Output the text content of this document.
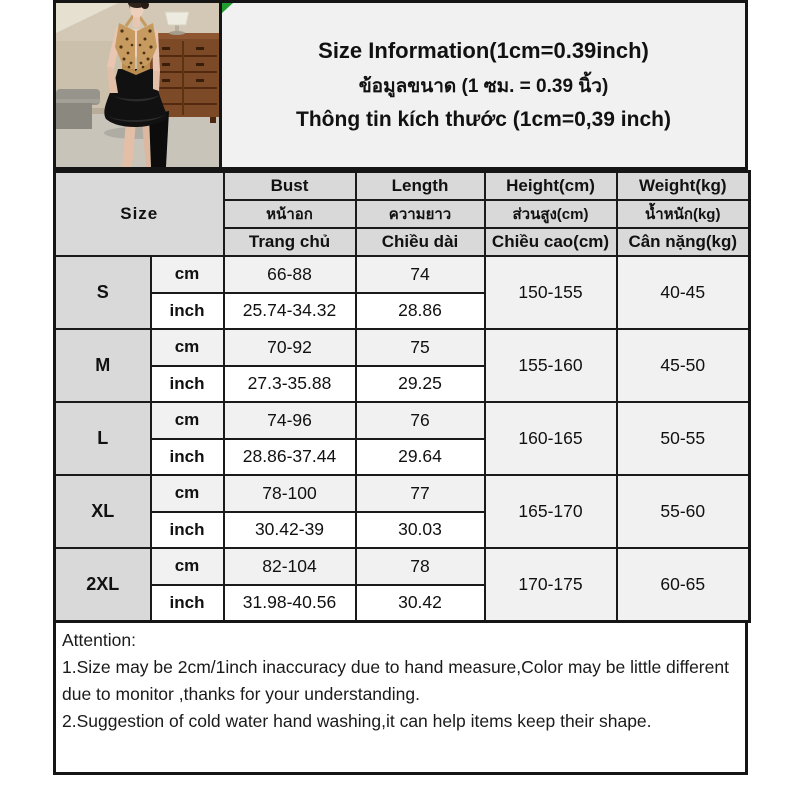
Size Information(1cm=0.39inch)
ข้อมูลขนาด (1 ซม. = 0.39 นิ้ว)
Thông tin kích thước (1cm=0,39 inch)
Size		Bust	Length	Height(cm)	Weight(kg)
		หน้าอก	ความยาว	ส่วนสูง(cm)	น้ำหนัก(kg)
		Trang chủ	Chiều dài	Chiều cao(cm)	Cân nặng(kg)
S	cm	66-88	74	150-155	40-45
	inch	25.74-34.32	28.86		
M	cm	70-92	75	155-160	45-50
	inch	27.3-35.88	29.25		
L	cm	74-96	76	160-165	50-55
	inch	28.86-37.44	29.64		
XL	cm	78-100	77	165-170	55-60
	inch	30.42-39	30.03		
2XL	cm	82-104	78	170-175	60-65
	inch	31.98-40.56	30.42		
Attention:
1.Size may be 2cm/1inch inaccuracy due to hand measure,Color may be little different due to monitor ,thanks for your understanding.
2.Suggestion of cold water hand washing,it can help items keep their shape.
